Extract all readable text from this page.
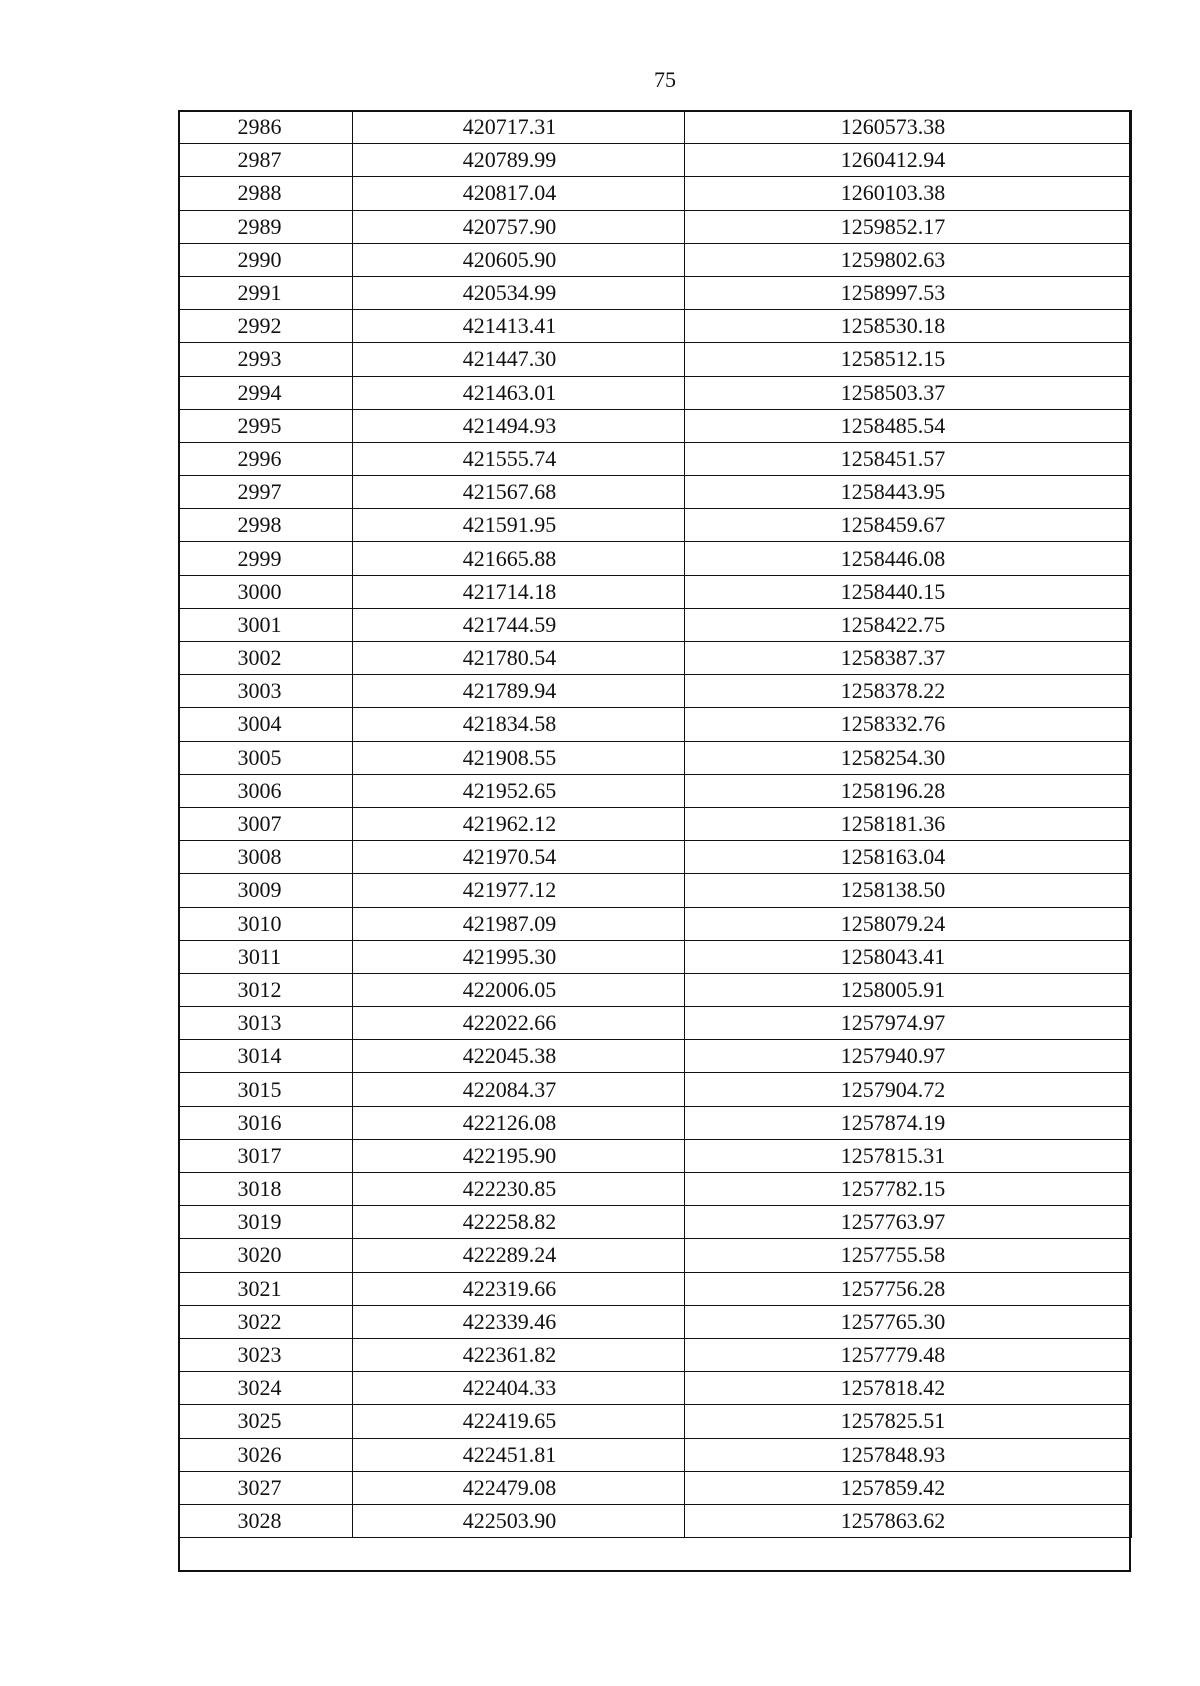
75
2986	420717.31	1260573.38
2987	420789.99	1260412.94
2988	420817.04	1260103.38
2989	420757.90	1259852.17
2990	420605.90	1259802.63
2991	420534.99	1258997.53
2992	421413.41	1258530.18
2993	421447.30	1258512.15
2994	421463.01	1258503.37
2995	421494.93	1258485.54
2996	421555.74	1258451.57
2997	421567.68	1258443.95
2998	421591.95	1258459.67
2999	421665.88	1258446.08
3000	421714.18	1258440.15
3001	421744.59	1258422.75
3002	421780.54	1258387.37
3003	421789.94	1258378.22
3004	421834.58	1258332.76
3005	421908.55	1258254.30
3006	421952.65	1258196.28
3007	421962.12	1258181.36
3008	421970.54	1258163.04
3009	421977.12	1258138.50
3010	421987.09	1258079.24
3011	421995.30	1258043.41
3012	422006.05	1258005.91
3013	422022.66	1257974.97
3014	422045.38	1257940.97
3015	422084.37	1257904.72
3016	422126.08	1257874.19
3017	422195.90	1257815.31
3018	422230.85	1257782.15
3019	422258.82	1257763.97
3020	422289.24	1257755.58
3021	422319.66	1257756.28
3022	422339.46	1257765.30
3023	422361.82	1257779.48
3024	422404.33	1257818.42
3025	422419.65	1257825.51
3026	422451.81	1257848.93
3027	422479.08	1257859.42
3028	422503.90	1257863.62
